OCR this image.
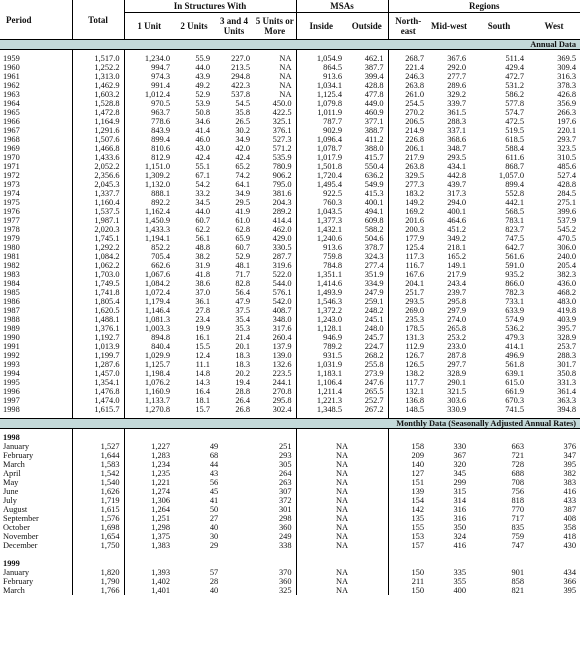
Period	Total	In Structures With				MSAs		Regions			
		1 Unit	2 Units	3 and 4 Units	5 Units or More	Inside	Outside	North-east	Mid-west	South	West
Annual Data											

1959	1,517.0	1,234.0	55.9	227.0	NA	1,054.9	462.1	268.7	367.6	511.4	369.5
1960	1,252.2	994.7	44.0	213.5	NA	864.5	387.7	221.4	292.0	429.4	309.4
1961	1,313.0	974.3	43.9	294.8	NA	913.6	399.4	246.3	277.7	472.7	316.3
1962	1,462.9	991.4	49.2	422.3	NA	1,034.1	428.8	263.8	289.6	531.2	378.3
1963	1,603.2	1,012.4	52.9	537.8	NA	1,125.4	477.8	261.0	329.2	586.2	426.8
1964	1,528.8	970.5	53.9	54.5	450.0	1,079.8	449.0	254.5	339.7	577.8	356.9
1965	1,472.8	963.7	50.8	35.8	422.5	1,011.9	460.9	270.2	361.5	574.7	266.3
1966	1,164.9	778.6	34.6	26.5	325.1	787.7	377.1	206.5	288.3	472.5	197.6
1967	1,291.6	843.9	41.4	30.2	376.1	902.9	388.7	214.9	337.1	519.5	220.1
1968	1,507.6	899.4	46.0	34.9	527.3	1,096.4	411.2	226.8	368.6	618.5	293.7
1969	1,466.8	810.6	43.0	42.0	571.2	1,078.7	388.0	206.1	348.7	588.4	323.5
1970	1,433.6	812.9	42.4	42.4	535.9	1,017.9	415.7	217.9	293.5	611.6	310.5
1971	2,052.2	1,151.0	55.1	65.2	780.9	1,501.8	550.4	263.8	434.1	868.7	485.6
1972	2,356.6	1,309.2	67.1	74.2	906.2	1,720.4	636.2	329.5	442.8	1,057.0	527.4
1973	2,045.3	1,132.0	54.2	64.1	795.0	1,495.4	549.9	277.3	439.7	899.4	428.8
1974	1,337.7	888.1	33.2	34.9	381.6	922.5	415.3	183.2	317.3	552.8	284.5
1975	1,160.4	892.2	34.5	29.5	204.3	760.3	400.1	149.2	294.0	442.1	275.1
1976	1,537.5	1,162.4	44.0	41.9	289.2	1,043.5	494.1	169.2	400.1	568.5	399.6
1977	1,987.1	1,450.9	60.7	61.0	414.4	1,377.3	609.8	201.6	464.6	783.1	537.9
1978	2,020.3	1,433.3	62.2	62.8	462.0	1,432.1	588.2	200.3	451.2	823.7	545.2
1979	1,745.1	1,194.1	56.1	65.9	429.0	1,240.6	504.6	177.9	349.2	747.5	470.5
1980	1,292.2	852.2	48.8	60.7	330.5	913.6	378.7	125.4	218.1	642.7	306.0
1981	1,084.2	705.4	38.2	52.9	287.7	759.8	324.3	117.3	165.2	561.6	240.0
1982	1,062.2	662.6	31.9	48.1	319.6	784.8	277.4	116.7	149.1	591.0	205.4
1983	1,703.0	1,067.6	41.8	71.7	522.0	1,351.1	351.9	167.6	217.9	935.2	382.3
1984	1,749.5	1,084.2	38.6	82.8	544.0	1,414.6	334.9	204.1	243.4	866.0	436.0
1985	1,741.8	1,072.4	37.0	56.4	576.1	1,493.9	247.9	251.7	239.7	782.3	468.2
1986	1,805.4	1,179.4	36.1	47.9	542.0	1,546.3	259.1	293.5	295.8	733.1	483.0
1987	1,620.5	1,146.4	27.8	37.5	408.7	1,372.2	248.2	269.0	297.9	633.9	419.8
1988	1,488.1	1,081.3	23.4	35.4	348.0	1,243.0	245.1	235.3	274.0	574.9	403.9
1989	1,376.1	1,003.3	19.9	35.3	317.6	1,128.1	248.0	178.5	265.8	536.2	395.7
1990	1,192.7	894.8	16.1	21.4	260.4	946.9	245.7	131.3	253.2	479.3	328.9
1991	1,013.9	840.4	15.5	20.1	137.9	789.2	224.7	112.9	233.0	414.1	253.7
1992	1,199.7	1,029.9	12.4	18.3	139.0	931.5	268.2	126.7	287.8	496.9	288.3
1993	1,287.6	1,125.7	11.1	18.3	132.6	1,031.9	255.8	126.5	297.7	561.8	301.7
1994	1,457.0	1,198.4	14.8	20.2	223.5	1,183.1	273.9	138.2	328.9	639.1	350.8
1995	1,354.1	1,076.2	14.3	19.4	244.1	1,106.4	247.6	117.7	290.1	615.0	331.3
1996	1,476.8	1,160.9	16.4	28.8	270.8	1,211.4	265.5	132.1	321.5	661.9	361.4
1997	1,474.0	1,133.7	18.1	26.4	295.8	1,221.3	252.7	136.8	303.6	670.3	363.3
1998	1,615.7	1,270.8	15.7	26.8	302.4	1,348.5	267.2	148.5	330.9	741.5	394.8

Monthly Data (Seasonally Adjusted Annual Rates)											

1998											
January	1,527	1,227	49		251	NA		158	330	663	376
February	1,644	1,283	68		293	NA		209	367	721	347
March	1,583	1,234	44		305	NA		140	320	728	395
April	1,542	1,235	43		264	NA		127	345	688	382
May	1,540	1,221	56		263	NA		151	299	708	383
June	1,626	1,274	45		307	NA		139	315	756	416
July	1,719	1,306	41		372	NA		154	314	818	433
August	1,615	1,264	50		301	NA		142	316	770	387
September	1,576	1,251	27		298	NA		135	316	717	408
October	1,698	1,298	40		360	NA		155	350	835	358
November	1,654	1,375	30		249	NA		153	324	759	418
December	1,750	1,383	29		338	NA		157	416	747	430

1999											
January	1,820	1,393	57		370	NA		150	335	901	434
February	1,790	1,402	28		360	NA		211	355	858	366
March	1,766	1,401	40		325	NA		150	400	821	395
